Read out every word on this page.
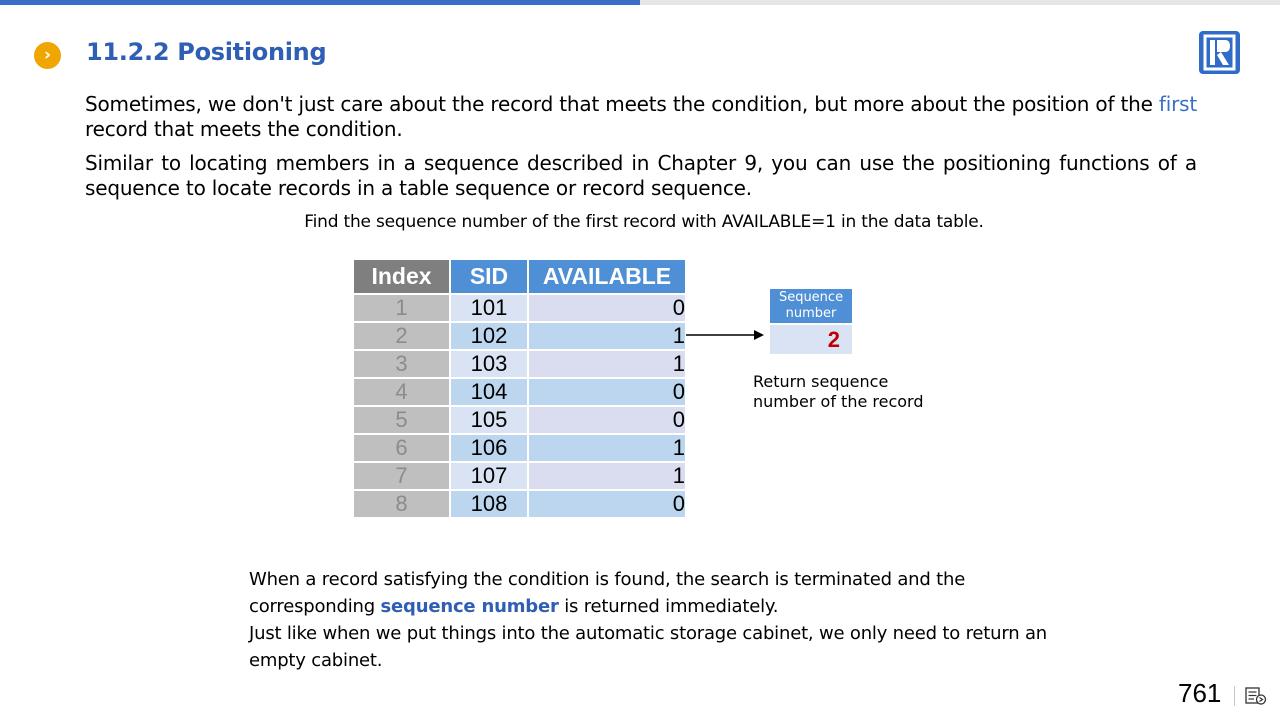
›	11.2.2 Positioning
Sometimes, we don't just care about the record that meets the condition, but more about the position of the first record that meets the condition.
Similar to locating members in a sequence described in Chapter 9, you can use the positioning functions of a sequence to locate records in a table sequence or record sequence.
Find the sequence number of the first record with AVAILABLE=1 in the data table.
Index	SID	AVAILABLE
1	101	0
2	102	1
3	103	1
4	104	0
5	105	0
6	106	1
7	107	1
8	108	0
Sequence
number
2
Return sequence
number of the record
When a record satisfying the condition is found, the search is terminated and the
corresponding sequence number is returned immediately.
Just like when we put things into the automatic storage cabinet, we only need to return an
empty cabinet.
761
